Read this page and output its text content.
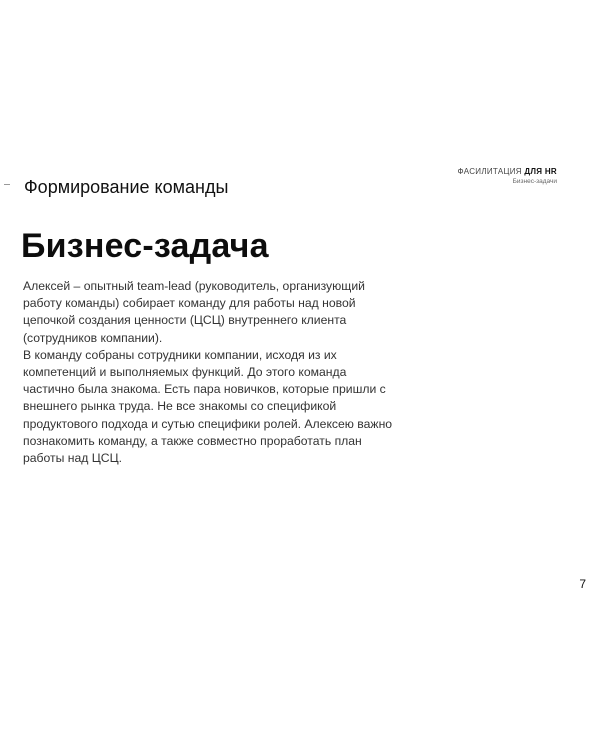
ФАСИЛИТАЦИЯ ДЛЯ HR
Бизнес-задачи
Формирование команды
Бизнес-задача

Алексей – опытный team-lead (руководитель, организующий работу команды) собирает команду для работы над новой цепочкой создания ценности (ЦСЦ) внутреннего клиента (сотрудников компании).

В команду собраны сотрудники компании, исходя из их компетенций и выполняемых функций. До этого команда частично была знакома. Есть пара новичков, которые пришли с внешнего рынка труда. Не все знакомы со спецификой продуктового подхода и сутью специфики ролей. Алексею важно познакомить команду, а также совместно проработать план работы над ЦСЦ.

7
